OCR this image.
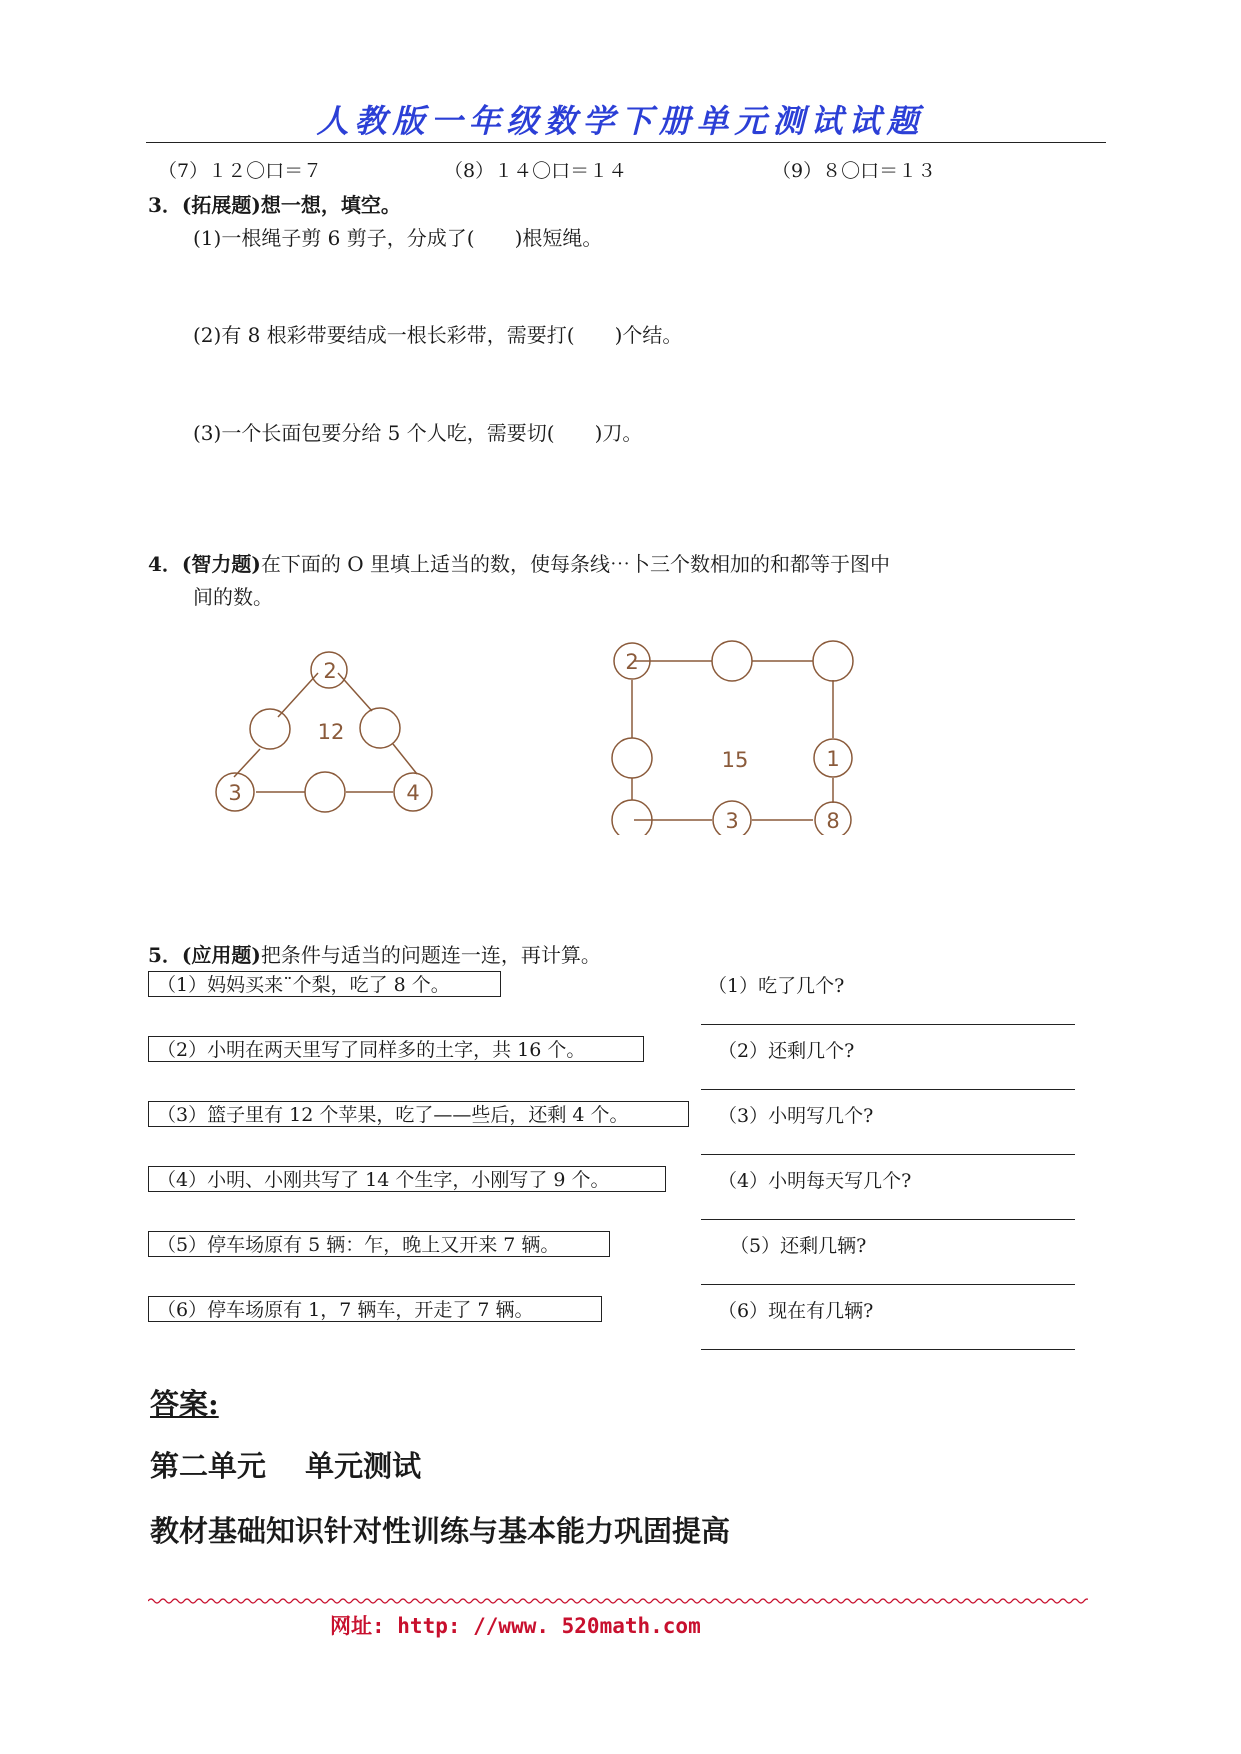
人教版一年级数学下册单元测试试题
（7）１２〇口＝７	（8）１４〇口＝１４	（9）８〇口＝１３
3．(拓展题)想一想，填空。
(1)一根绳子剪 6 剪子，分成了(　　)根短绳。
(2)有 8 根彩带要结成一根长彩带，需要打(　　)个结。
(3)一个长面包要分给 5 个人吃，需要切(　　)刀。
4．(智力题)在下面的 O 里填上适当的数，使每条线⋯卜三个数相加的和都等于图中
间的数。
2
12
3	4
2
15	1
3	8
5．(应用题)把条件与适当的问题连一连，再计算。
（1）妈妈买来¨个梨，吃了 8 个。
（2）小明在两天里写了同样多的土字，共 16 个。
（3）篮子里有 12 个苹果，吃了——些后，还剩 4 个。
（4）小明、小刚共写了 14 个生字，小刚写了 9 个。
（5）停车场原有 5 辆：乍，晚上又开来 7 辆。
（6）停车场原有 1，7 辆车，开走了 7 辆。
（1）吃了几个?
（2）还剩几个?
（3）小明写几个?
（4）小明每天写几个?
（5）还剩几辆?
（6）现在有几辆?
答案:
第二单元　 单元测试
教材基础知识针对性训练与基本能力巩固提高
网址: http: //www. 520math.com
